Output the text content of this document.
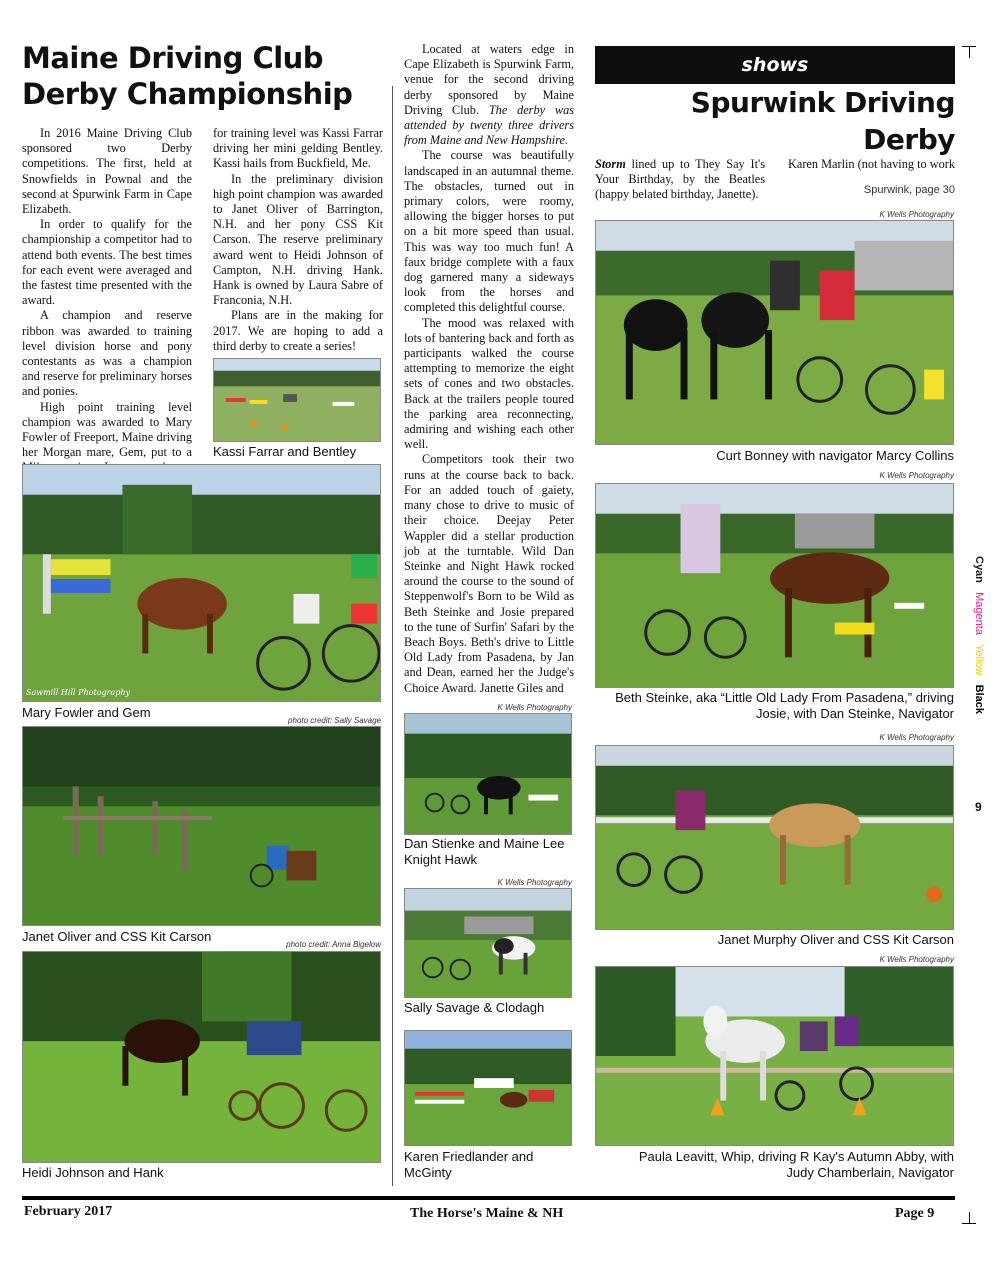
Maine Driving Club
Derby Championship

In 2016 Maine Driving Club sponsored two Derby competitions. The first, held at Snowfields in Pownal and the second at Spurwink Farm in Cape Elizabeth.

In order to qualify for the championship a competitor had to attend both events. The best times for each event were averaged and the fastest time presented with the award.

A champion and reserve ribbon was awarded to training level division horse and pony contestants as was a champion and reserve for preliminary horses and ponies.

High point training level champion was awarded to Mary Fowler of Freeport, Maine driving her Morgan mare, Gem, put to a

for training level was Kassi Farrar driving her mini gelding Bentley. Kassi hails from Buckfield, Me.

In the preliminary division high point champion was awarded to Janet Oliver of Barrington, N.H. and her pony CSS Kit Carson. The reserve preliminary award went to Heidi Johnson of Campton, N.H. driving Hank. Hank is owned by Laura Sabre of Franconia, N.H.

Plans are in the making for 2017. We are hoping to add a third derby to create a series!

Kassi Farrar and Bentley
Sawmill Hill Photography
Mary Fowler and Gem
photo credit: Sally Savage
Janet Oliver and CSS Kit Carson
photo credit: Anna Bigelow
Heidi Johnson and Hank

Located at waters edge in Cape Elizabeth is Spurwink Farm, venue for the second driving derby sponsored by Maine Driving Club. The derby was attended by twenty three drivers from Maine and New Hampshire.

The course was beautifully landscaped in an autumnal theme. The obstacles, turned out in primary colors, were roomy, allowing the bigger horses to put on a bit more speed than usual. This was way too much fun! A faux bridge complete with a faux dog garnered many a sideways look from the horses and completed this delightful course.

The mood was relaxed with lots of bantering back and forth as participants walked the course attempting to memorize the eight sets of cones and two obstacles. Back at the trailers people toured the parking area reconnecting, admiring and wishing each other well.

Competitors took their two runs at the course back to back. For an added touch of gaiety, many chose to drive to music of their choice. Deejay Peter Wappler did a stellar production job at the turntable. Wild Dan Steinke and Night Hawk rocked around the course to the sound of Steppenwolf's Born to be Wild as Beth Steinke and Josie prepared to the tune of Surfin' Safari by the Beach Boys. Beth's drive to Little Old Lady from Pasadena, by Jan and Dean, earned her the Judge's Choice Award. Janette Giles and

K Wells Photography
Dan Stienke and Maine Lee Knight Hawk
K Wells Photography
Sally Savage & Clodagh
Karen Friedlander and McGinty
shows
Spurwink Driving
Derby
Storm lined up to They Say It's Your Birthday, by the Beatles (happy belated birthday, Janette).
Karen Marlin (not having to work
Spurwink, page 30
K Wells Photography
Curt Bonney with navigator Marcy Collins
K Wells Photography
Beth Steinke, aka “Little Old Lady From Pasadena,” driving
Josie, with Dan Steinke, Navigator
K Wells Photography
Janet Murphy Oliver and CSS Kit Carson
K Wells Photography
Paula Leavitt, Whip, driving R Kay's Autumn Abby, with
Judy Chamberlain, Navigator
Cyan   Magenta   Yellow   Black
9
February 2017	The Horse's Maine & NH	Page 9
